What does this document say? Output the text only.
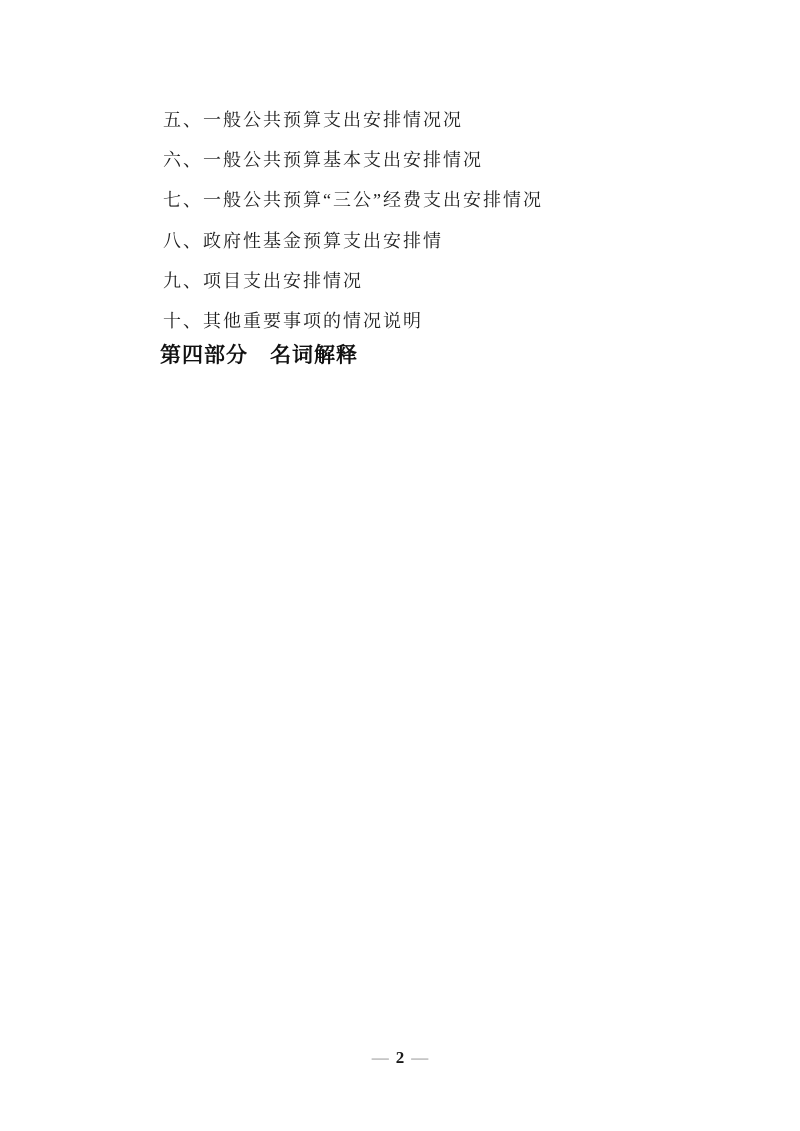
五、一般公共预算支出安排情况况
六、一般公共预算基本支出安排情况
七、一般公共预算“三公”经费支出安排情况
八、政府性基金预算支出安排情
九、项目支出安排情况
十、其他重要事项的情况说明
第四部分　名词解释
— 2 —
